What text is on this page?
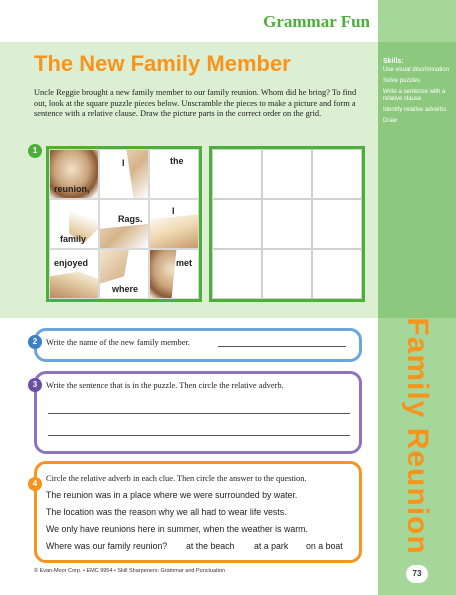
Grammar Fun
Skills:
Use visual discrimination
Solve puzzles
Write a sentence with a relative clause
Identify relative adverbs
Draw
Family Reunion
73
The New Family Member
Uncle Reggie brought a new family member to our family reunion. Whom did he bring? To find out, look at the square puzzle pieces below. Unscramble the pieces to make a picture and form a sentence with a relative clause. Draw the picture parts in the correct order on the grid.
1
reunion,
I	the
family
Rags.
I
enjoyed
where
met
2	Write the name of the new family member.
3	Write the sentence that is in the puzzle. Then circle the relative adverb.
4
Circle the relative adverb in each clue. Then circle the answer to the question.
The reunion was in a place where we were surrounded by water.
The location was the reason why we all had to wear life vests.
We only have reunions here in summer, when the weather is warm.
Where was our family reunion? at the beach at a park on a boat
© Evan-Moor Corp. • EMC 9954 • Skill Sharpeners: Grammar and Punctuation
